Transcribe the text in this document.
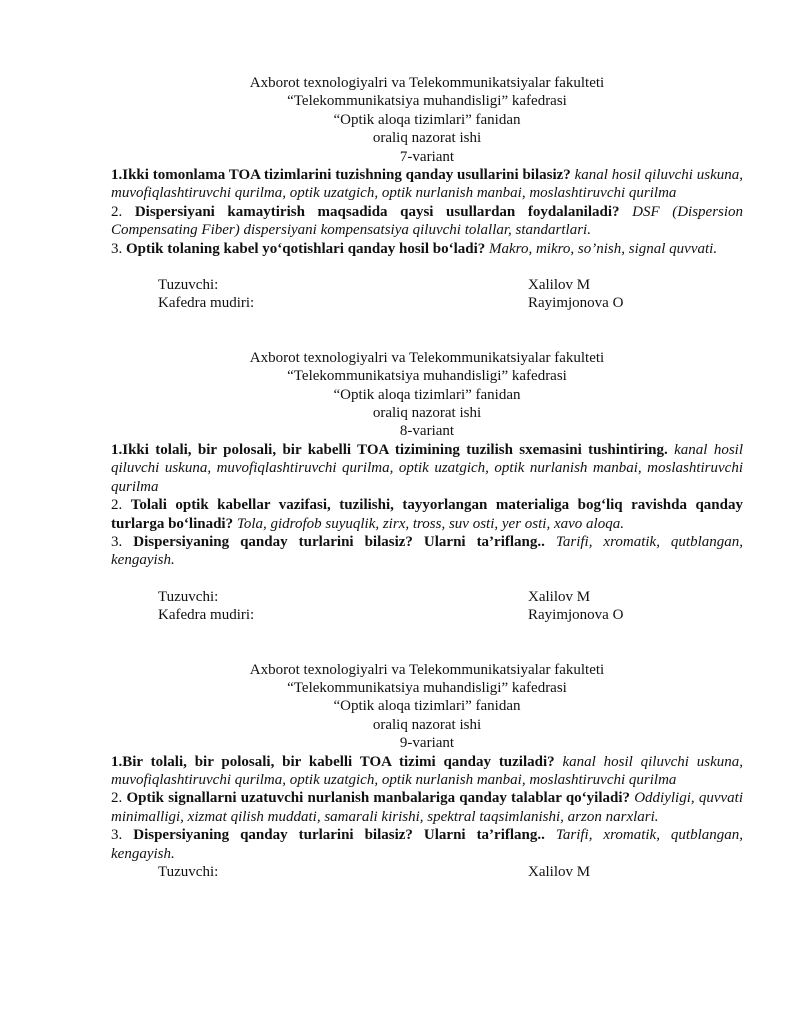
Axborot texnologiyalri va Telekommunikatsiyalar fakulteti
“Telekommunikatsiya muhandisligi” kafedrasi
“Optik aloqa tizimlari” fanidan
oraliq nazorat ishi
7-variant

1.Ikki tomonlama TOA tizimlarini tuzishning qanday usullarini bilasiz? kanal hosil qiluvchi uskuna, muvofiqlashtiruvchi qurilma, optik uzatgich, optik nurlanish manbai, moslashtiruvchi qurilma

2. Dispersiyani kamaytirish maqsadida qaysi usullardan foydalaniladi? DSF (Dispersion Compensating Fiber) dispersiyani kompensatsiya qiluvchi tolallar, standartlari.

3. Optik tolaning kabel yo‘qotishlari qanday hosil bo‘ladi? Makro, mikro, so’nish, signal quvvati.

Tuzuvchi:	Xalilov M
Kafedra mudiri:	Rayimjonova O
Axborot texnologiyalri va Telekommunikatsiyalar fakulteti
“Telekommunikatsiya muhandisligi” kafedrasi
“Optik aloqa tizimlari” fanidan
oraliq nazorat ishi
8-variant

1.Ikki tolali, bir polosali, bir kabelli TOA tizimining tuzilish sxemasini tushintiring. kanal hosil qiluvchi uskuna, muvofiqlashtiruvchi qurilma, optik uzatgich, optik nurlanish manbai, moslashtiruvchi qurilma

2. Tolali optik kabellar vazifasi, tuzilishi, tayyorlangan materialiga bog‘liq ravishda qanday turlarga bo‘linadi? Tola, gidrofob suyuqlik, zirx, tross, suv osti, yer osti, xavo aloqa.

3. Dispersiyaning qanday turlarini bilasiz? Ularni ta’riflang.. Tarifi, xromatik, qutblangan, kengayish.

Tuzuvchi:	Xalilov M
Kafedra mudiri:	Rayimjonova O
Axborot texnologiyalri va Telekommunikatsiyalar fakulteti
“Telekommunikatsiya muhandisligi” kafedrasi
“Optik aloqa tizimlari” fanidan
oraliq nazorat ishi
9-variant

1.Bir tolali, bir polosali, bir kabelli TOA tizimi qanday tuziladi? kanal hosil qiluvchi uskuna, muvofiqlashtiruvchi qurilma, optik uzatgich, optik nurlanish manbai, moslashtiruvchi qurilma

2. Optik signallarni uzatuvchi nurlanish manbalariga qanday talablar qo‘yiladi? Oddiyligi, quvvati minimalligi, xizmat qilish muddati, samarali kirishi, spektral taqsimlanishi, arzon narxlari.

3. Dispersiyaning qanday turlarini bilasiz? Ularni ta’riflang.. Tarifi, xromatik, qutblangan, kengayish.

Tuzuvchi:	Xalilov M
